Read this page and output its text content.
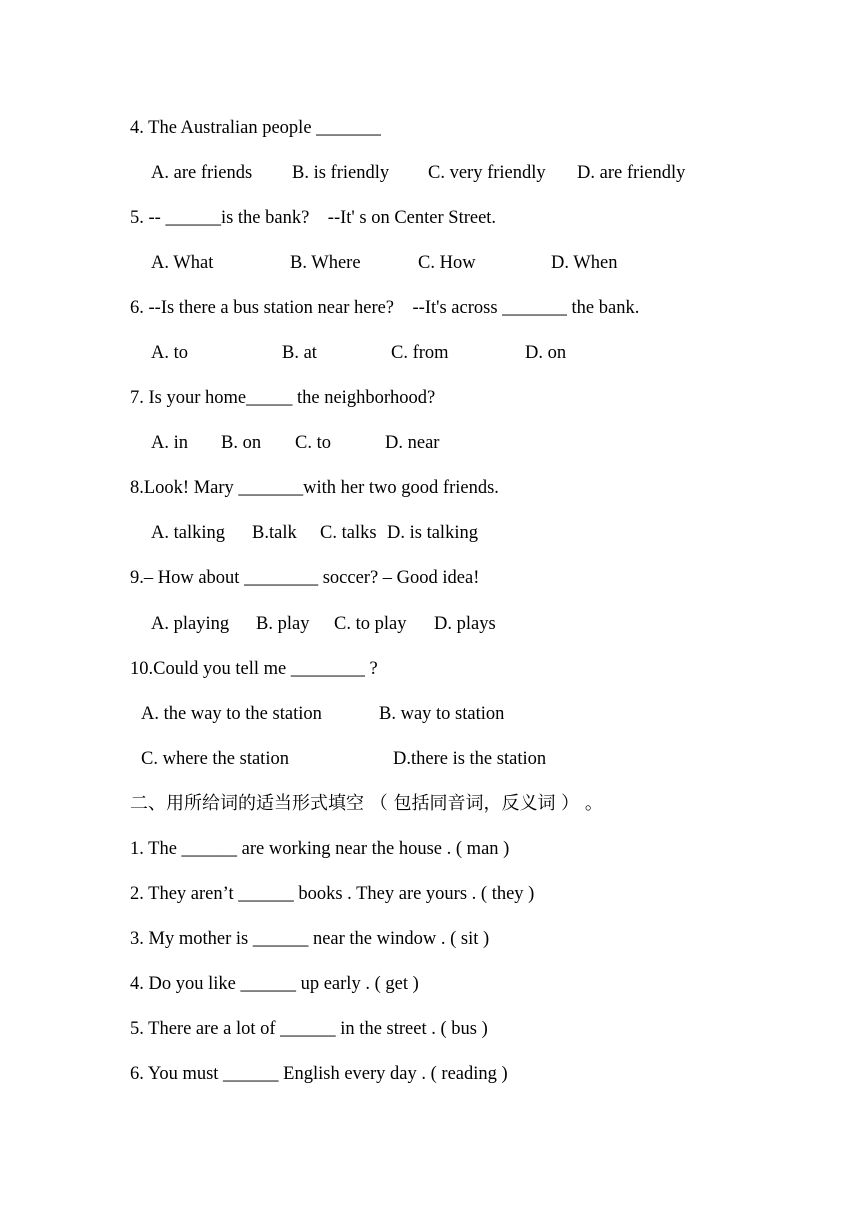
4. The Australian people _______
A. are friends B. is friendly C. very friendly D. are friendly
5. -- ______is the bank?    --It' s on Center Street.
A. What	B. Where	C. How	D. When
6. --Is there a bus station near here?    --It's across _______ the bank.
A. to	B. at	C. from	D. on
7. Is your home_____ the neighborhood?
A. in B. on C. to	D. near
8.Look! Mary _______with her two good friends.
A. talking B.talk C. talks D. is talking
9.– How about ________ soccer? – Good idea!
A. playing B. play C. to play D. plays
10.Could you tell me ________ ?
A. the way to the station	B. way to station
C. where the station	D.there is the station
二、用所给词的适当形式填空 （ 包括同音词，反义词 ） 。
1. The ______ are working near the house . ( man )
2. They aren’t ______ books . They are yours . ( they )
3. My mother is ______ near the window . ( sit )
4. Do you like ______ up early . ( get )
5. There are a lot of ______ in the street . ( bus )
6. You must ______ English every day . ( reading )
